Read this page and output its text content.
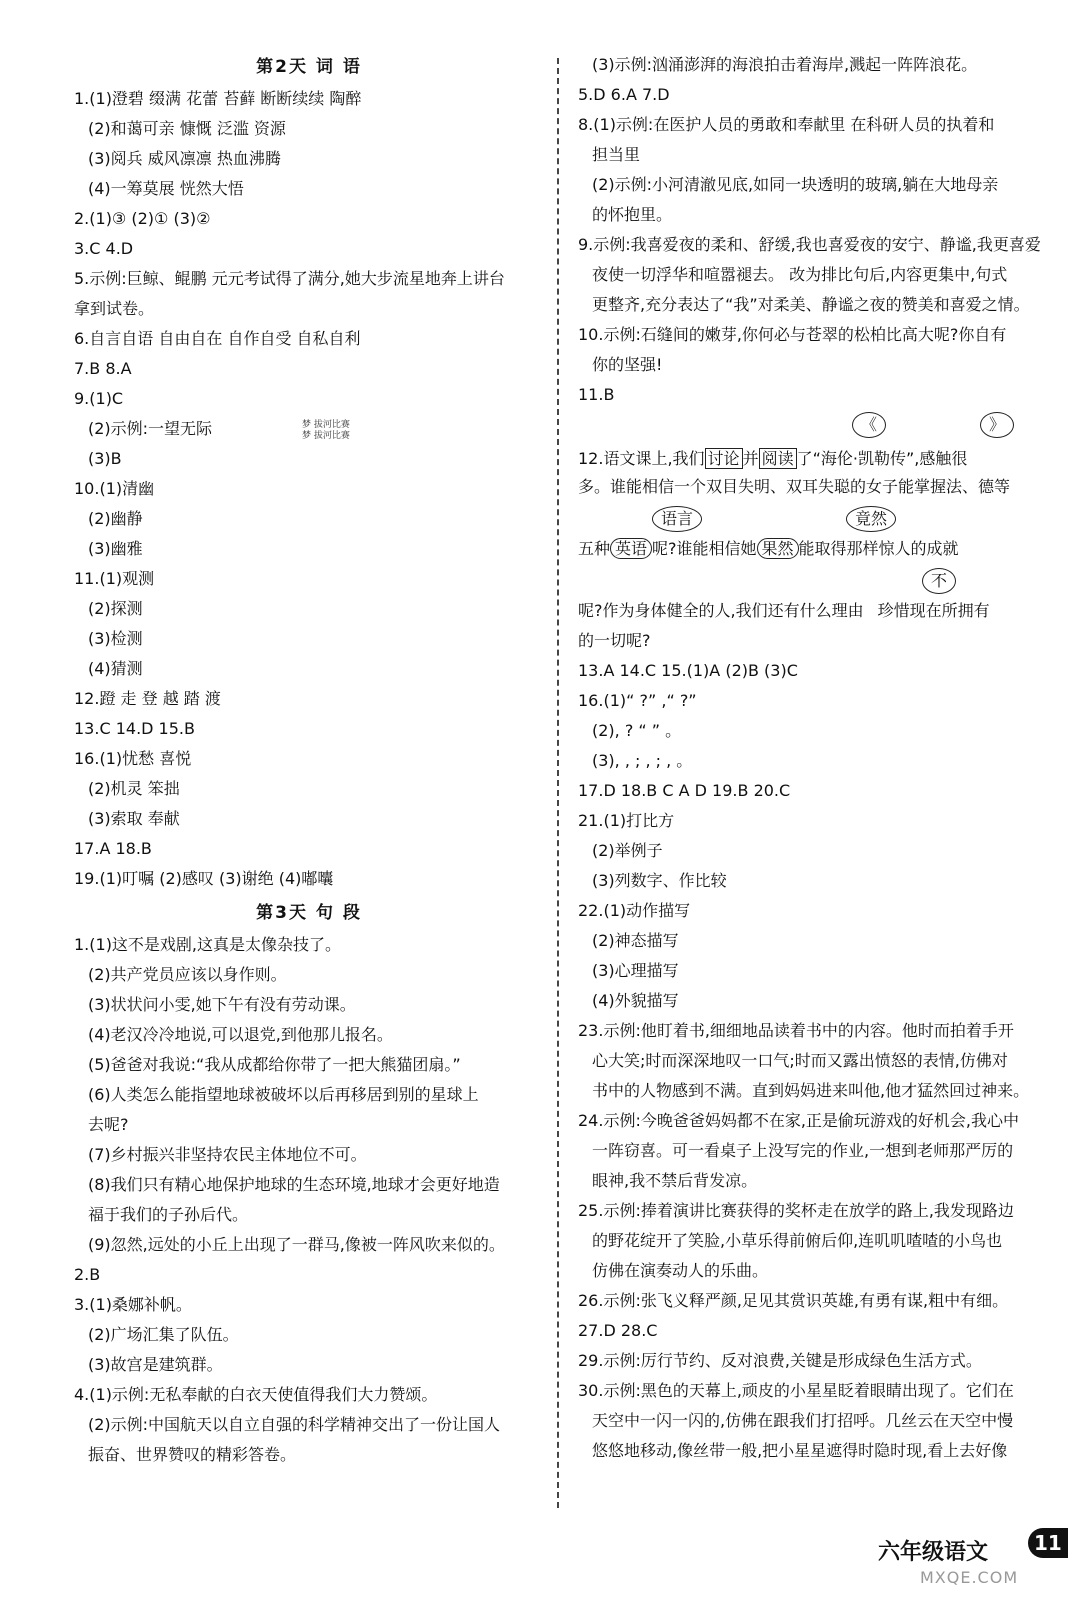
第2天 词 语
1.(1)澄碧 缀满 花蕾 苔藓 断断续续 陶醉
(2)和蔼可亲 慷慨 泛滥 资源
(3)阅兵 威风凛凛 热血沸腾
(4)一筹莫展 恍然大悟
2.(1)③ (2)① (3)②
3.C 4.D
5.示例:巨鲸、鲲鹏 元元考试得了满分,她大步流星地奔上讲台
拿到试卷。
6.自言自语 自由自在 自作自受 自私自利
7.B 8.A
9.(1)C
(2)示例:一望无际
(3)B
10.(1)清幽
(2)幽静
(3)幽雅
11.(1)观测
(2)探测
(3)检测
(4)猜测
12.蹬 走 登 越 踏 渡
13.C 14.D 15.B
16.(1)忧愁 喜悦
(2)机灵 笨拙
(3)索取 奉献
17.A 18.B
19.(1)叮嘱 (2)感叹 (3)谢绝 (4)嘟囔
第3天 句 段
1.(1)这不是戏剧,这真是太像杂技了。
(2)共产党员应该以身作则。
(3)状状问小雯,她下午有没有劳动课。
(4)老汉冷冷地说,可以退党,到他那儿报名。
(5)爸爸对我说:“我从成都给你带了一把大熊猫团扇。”
(6)人类怎么能指望地球被破坏以后再移居到别的星球上
去呢?
(7)乡村振兴非坚持农民主体地位不可。
(8)我们只有精心地保护地球的生态环境,地球才会更好地造
福于我们的子孙后代。
(9)忽然,远处的小丘上出现了一群马,像被一阵风吹来似的。
2.B
3.(1)桑娜补帆。
(2)广场汇集了队伍。
(3)故宫是建筑群。
4.(1)示例:无私奉献的白衣天使值得我们大力赞颂。
(2)示例:中国航天以自立自强的科学精神交出了一份让国人
振奋、世界赞叹的精彩答卷。
梦 拔河比赛
梦 拔河比赛
(3)示例:汹涌澎湃的海浪拍击着海岸,溅起一阵阵浪花。
5.D 6.A 7.D
8.(1)示例:在医护人员的勇敢和奉献里 在科研人员的执着和
担当里
(2)示例:小河清澈见底,如同一块透明的玻璃,躺在大地母亲
的怀抱里。
9.示例:我喜爱夜的柔和、舒缓,我也喜爱夜的安宁、静谧,我更喜爱
夜使一切浮华和喧嚣褪去。 改为排比句后,内容更集中,句式
更整齐,充分表达了“我”对柔美、静谧之夜的赞美和喜爱之情。
10.示例:石缝间的嫩芽,你何必与苍翠的松柏比高大呢?你自有
你的坚强!
11.B
《	》
12.语文课上,我们 讨论 并 阅读 了“海伦·凯勒传”,感触很
多。谁能相信一个双目失明、双耳失聪的女子能掌握法、德等
语言	竟然
五种 英语 呢?谁能相信她 果然 能取得那样惊人的成就
不
呢?作为身体健全的人,我们还有什么理由 珍惜现在所拥有
的一切呢?
13.A 14.C 15.(1)A (2)B (3)C
16.(1)“ ?” ,“ ?”
(2), ? “ ” 。
(3), , ; , ; , 。
17.D 18.B C A D 19.B 20.C
21.(1)打比方
(2)举例子
(3)列数字、作比较
22.(1)动作描写
(2)神态描写
(3)心理描写
(4)外貌描写
23.示例:他盯着书,细细地品读着书中的内容。他时而拍着手开
心大笑;时而深深地叹一口气;时而又露出愤怒的表情,仿佛对
书中的人物感到不满。直到妈妈进来叫他,他才猛然回过神来。
24.示例:今晚爸爸妈妈都不在家,正是偷玩游戏的好机会,我心中
一阵窃喜。可一看桌子上没写完的作业,一想到老师那严厉的
眼神,我不禁后背发凉。
25.示例:捧着演讲比赛获得的奖杯走在放学的路上,我发现路边
的野花绽开了笑脸,小草乐得前俯后仰,连叽叽喳喳的小鸟也
仿佛在演奏动人的乐曲。
26.示例:张飞义释严颜,足见其赏识英雄,有勇有谋,粗中有细。
27.D 28.C
29.示例:厉行节约、反对浪费,关键是形成绿色生活方式。
30.示例:黑色的天幕上,顽皮的小星星眨着眼睛出现了。它们在
天空中一闪一闪的,仿佛在跟我们打招呼。几丝云在天空中慢
悠悠地移动,像丝带一般,把小星星遮得时隐时现,看上去好像
六年级语文	11
MXQE.COM
